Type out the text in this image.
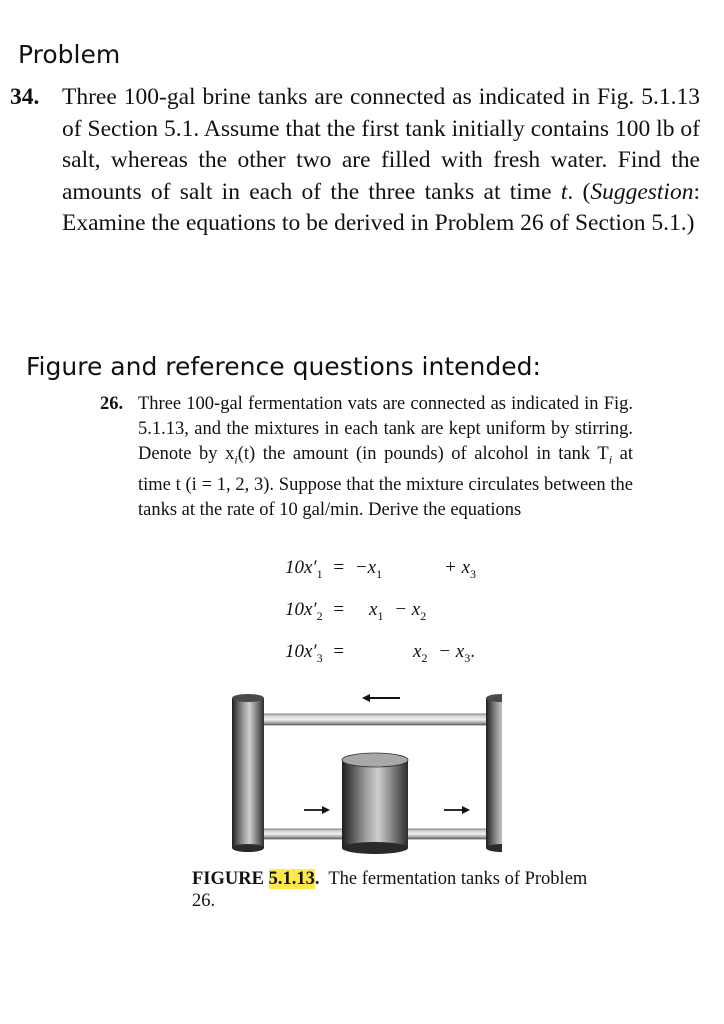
Problem
34. Three 100-gal brine tanks are connected as indicated in Fig. 5.1.13 of Section 5.1. Assume that the first tank initially contains 100 lb of salt, whereas the other two are filled with fresh water. Find the amounts of salt in each of the three tanks at time t. (Suggestion: Examine the equations to be derived in Problem 26 of Section 5.1.)
Figure and reference questions intended:
26. Three 100-gal fermentation vats are connected as indicated in Fig. 5.1.13, and the mixtures in each tank are kept uniform by stirring. Denote by $x_i(t)$ the amount (in pounds) of alcohol in tank $T_i$ at time t (i = 1, 2, 3). Suppose that the mixture circulates between the tanks at the rate of 10 gal/min. Derive the equations
$10x'_1 = -x_1$	+ $x_3$
$10x'_2 = x_1 - x_2$
$10x'_3$ =	$x_2 - x_3$.
FIGURE 5.1.13. The fermentation tanks of Problem 26.
